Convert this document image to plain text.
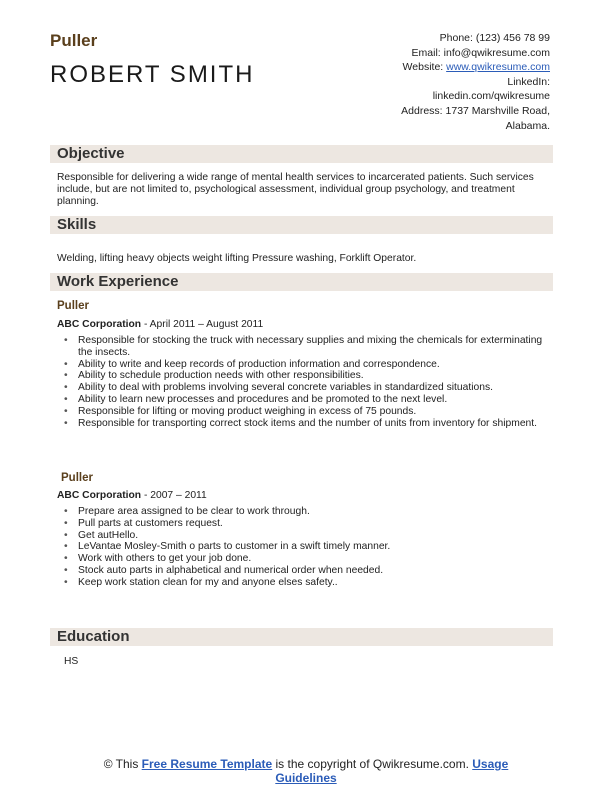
Puller
ROBERT SMITH
Phone: (123) 456 78 99
Email: info@qwikresume.com
Website: www.qwikresume.com
LinkedIn:
linkedin.com/qwikresume
Address: 1737 Marshville Road,
Alabama.
Objective
Responsible for delivering a wide range of mental health services to incarcerated patients. Such services include, but are not limited to, psychological assessment, individual group psychology, and treatment planning.
Skills
Welding, lifting heavy objects weight lifting Pressure washing, Forklift Operator.
Work Experience
Puller
ABC Corporation - April 2011 – August 2011
• Responsible for stocking the truck with necessary supplies and mixing the chemicals for exterminating the insects.
• Ability to write and keep records of production information and correspondence.
• Ability to schedule production needs with other responsibilities.
• Ability to deal with problems involving several concrete variables in standardized situations.
• Ability to learn new processes and procedures and be promoted to the next level.
• Responsible for lifting or moving product weighing in excess of 75 pounds.
• Responsible for transporting correct stock items and the number of units from inventory for shipment.
Puller
ABC Corporation - 2007 – 2011
• Prepare area assigned to be clear to work through.
• Pull parts at customers request.
• Get autHello.
• LeVantae Mosley-Smith o parts to customer in a swift timely manner.
• Work with others to get your job done.
• Stock auto parts in alphabetical and numerical order when needed.
• Keep work station clean for my and anyone elses safety..
Education
HS
© This Free Resume Template is the copyright of Qwikresume.com. Usage
Guidelines
